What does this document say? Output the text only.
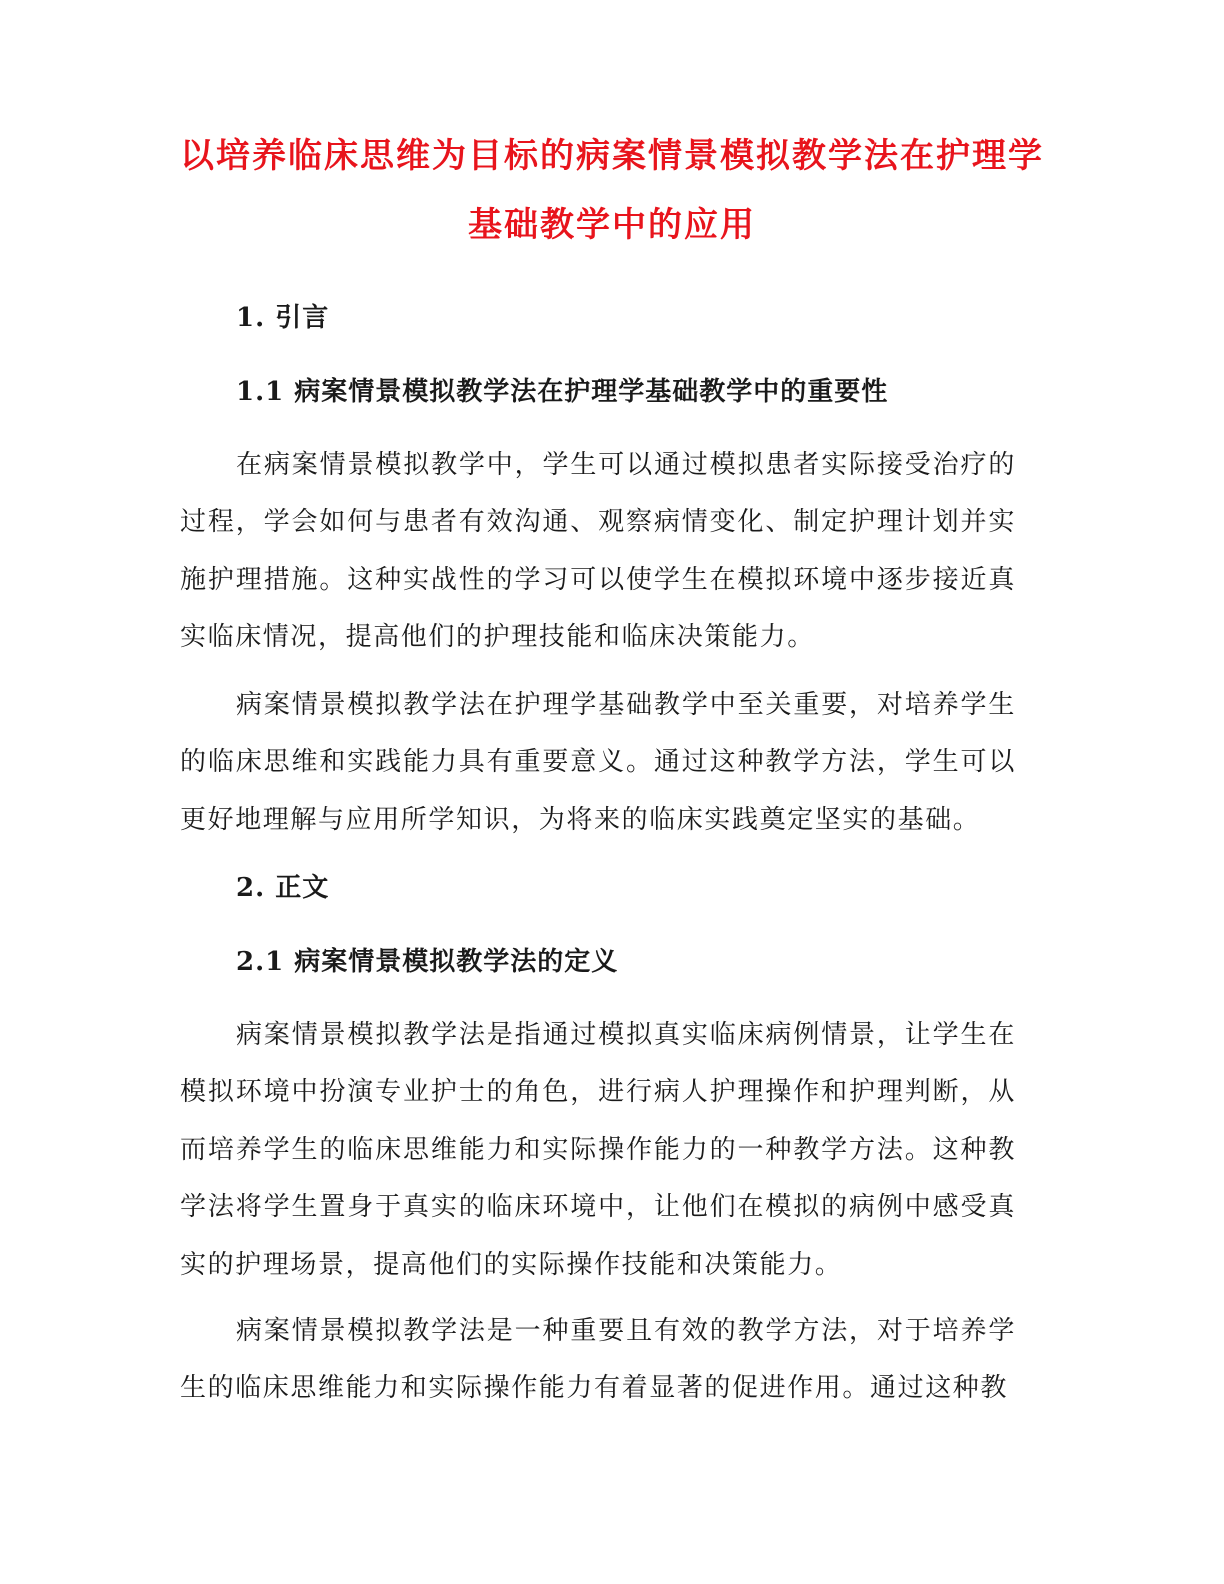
以培养临床思维为目标的病案情景模拟教学法在护理学
基础教学中的应用
1. 引言
1.1 病案情景模拟教学法在护理学基础教学中的重要性

在病案情景模拟教学中，学生可以通过模拟患者实际接受治疗的过程，学会如何与患者有效沟通、观察病情变化、制定护理计划并实施护理措施。这种实战性的学习可以使学生在模拟环境中逐步接近真实临床情况，提高他们的护理技能和临床决策能力。

病案情景模拟教学法在护理学基础教学中至关重要，对培养学生的临床思维和实践能力具有重要意义。通过这种教学方法，学生可以更好地理解与应用所学知识，为将来的临床实践奠定坚实的基础。

2. 正文
2.1 病案情景模拟教学法的定义

病案情景模拟教学法是指通过模拟真实临床病例情景，让学生在模拟环境中扮演专业护士的角色，进行病人护理操作和护理判断，从而培养学生的临床思维能力和实际操作能力的一种教学方法。这种教学法将学生置身于真实的临床环境中，让他们在模拟的病例中感受真实的护理场景，提高他们的实际操作技能和决策能力。

病案情景模拟教学法是一种重要且有效的教学方法，对于培养学生的临床思维能力和实际操作能力有着显著的促进作用。通过这种教
